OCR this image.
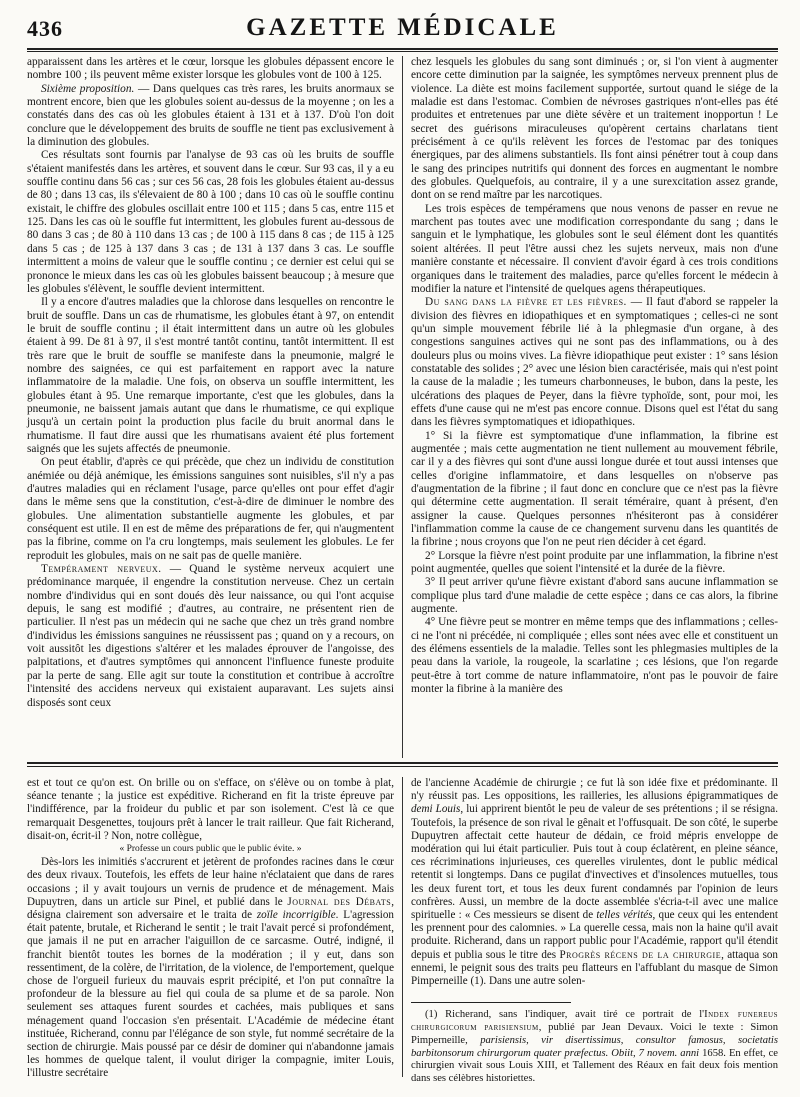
436	GAZETTE MÉDICALE

apparaissent dans les artères et le cœur, lorsque les globules dépassent encore le nombre 100 ; ils peuvent même exister lorsque les globules vont de 100 à 125.

Sixième proposition. — Dans quelques cas très rares, les bruits anormaux se montrent encore, bien que les globules soient au-dessus de la moyenne ; on les a constatés dans des cas où les globules étaient à 131 et à 137. D'où l'on doit conclure que le développement des bruits de souffle ne tient pas exclusivement à la diminution des globules.

Ces résultats sont fournis par l'analyse de 93 cas où les bruits de souffle s'étaient manifestés dans les artères, et souvent dans le cœur. Sur 93 cas, il y a eu souffle continu dans 56 cas ; sur ces 56 cas, 28 fois les globules étaient au-dessus de 80 ; dans 13 cas, ils s'élevaient de 80 à 100 ; dans 10 cas où le souffle continu existait, le chiffre des globules oscillait entre 100 et 115 ; dans 5 cas, entre 115 et 125. Dans les cas où le souffle fut intermittent, les globules furent au-dessous de 80 dans 3 cas ; de 80 à 110 dans 13 cas ; de 100 à 115 dans 8 cas ; de 115 à 125 dans 5 cas ; de 125 à 137 dans 3 cas ; de 131 à 137 dans 3 cas. Le souffle intermittent a moins de valeur que le souffle continu ; ce dernier est celui qui se prononce le mieux dans les cas où les globules baissent beaucoup ; à mesure que les globules s'élèvent, le souffle devient intermittent.

Il y a encore d'autres maladies que la chlorose dans lesquelles on rencontre le bruit de souffle. Dans un cas de rhumatisme, les globules étant à 97, on entendit le bruit de souffle continu ; il était intermittent dans un autre où les globules étaient à 99. De 81 à 97, il s'est montré tantôt continu, tantôt intermittent. Il est très rare que le bruit de souffle se manifeste dans la pneumonie, malgré le nombre des saignées, ce qui est parfaitement en rapport avec la nature inflammatoire de la maladie. Une fois, on observa un souffle intermittent, les globules étant à 95. Une remarque importante, c'est que les globules, dans la pneumonie, ne baissent jamais autant que dans le rhumatisme, ce qui explique jusqu'à un certain point la production plus facile du bruit anormal dans le rhumatisme. Il faut dire aussi que les rhumatisans avaient été plus fortement saignés que les sujets affectés de pneumonie.

On peut établir, d'après ce qui précède, que chez un individu de constitution anémiée ou déjà anémique, les émissions sanguines sont nuisibles, s'il n'y a pas d'autres maladies qui en réclament l'usage, parce qu'elles ont pour effet d'agir dans le même sens que la constitution, c'est-à-dire de diminuer le nombre des globules. Une alimentation substantielle augmente les globules, et par conséquent est utile. Il en est de même des préparations de fer, qui n'augmentent pas la fibrine, comme on l'a cru longtemps, mais seulement les globules. Le fer reproduit les globules, mais on ne sait pas de quelle manière.

Tempérament nerveux. — Quand le système nerveux acquiert une prédominance marquée, il engendre la constitution nerveuse. Chez un certain nombre d'individus qui en sont doués dès leur naissance, ou qui l'ont acquise depuis, le sang est modifié ; d'autres, au contraire, ne présentent rien de particulier. Il n'est pas un médecin qui ne sache que chez un très grand nombre d'individus les émissions sanguines ne réussissent pas ; quand on y a recours, on voit aussitôt les digestions s'altérer et les malades éprouver de l'angoisse, des palpitations, et d'autres symptômes qui annoncent l'influence funeste produite par la perte de sang. Elle agit sur toute la constitution et contribue à accroître l'intensité des accidens nerveux qui existaient auparavant. Les sujets ainsi disposés sont ceux

chez lesquels les globules du sang sont diminués ; or, si l'on vient à augmenter encore cette diminution par la saignée, les symptômes nerveux prennent plus de violence. La diète est moins facilement supportée, surtout quand le siége de la maladie est dans l'estomac. Combien de névroses gastriques n'ont-elles pas été produites et entretenues par une diète sévère et un traitement inopportun ! Le secret des guérisons miraculeuses qu'opèrent certains charlatans tient précisément à ce qu'ils relèvent les forces de l'estomac par des toniques énergiques, par des alimens substantiels. Ils font ainsi pénétrer tout à coup dans le sang des principes nutritifs qui donnent des forces en augmentant le nombre des globules. Quelquefois, au contraire, il y a une surexcitation assez grande, dont on se rend maître par les narcotiques.

Les trois espèces de tempéramens que nous venons de passer en revue ne marchent pas toutes avec une modification correspondante du sang ; dans le sanguin et le lymphatique, les globules sont le seul élément dont les quantités soient altérées. Il peut l'être aussi chez les sujets nerveux, mais non d'une manière constante et nécessaire. Il convient d'avoir égard à ces trois conditions organiques dans le traitement des maladies, parce qu'elles forcent le médecin à modifier la nature et l'intensité de quelques agens thérapeutiques.

Du sang dans la fièvre et les fièvres. — Il faut d'abord se rappeler la division des fièvres en idiopathiques et en symptomatiques ; celles-ci ne sont qu'un simple mouvement fébrile lié à la phlegmasie d'un organe, à des congestions sanguines actives qui ne sont pas des inflammations, ou à des douleurs plus ou moins vives. La fièvre idiopathique peut exister : 1° sans lésion constatable des solides ; 2° avec une lésion bien caractérisée, mais qui n'est point la cause de la maladie ; les tumeurs charbonneuses, le bubon, dans la peste, les ulcérations des plaques de Peyer, dans la fièvre typhoïde, sont, pour moi, les effets d'une cause qui ne m'est pas encore connue. Disons quel est l'état du sang dans les fièvres symptomatiques et idiopathiques.

1° Si la fièvre est symptomatique d'une inflammation, la fibrine est augmentée ; mais cette augmentation ne tient nullement au mouvement fébrile, car il y a des fièvres qui sont d'une aussi longue durée et tout aussi intenses que celles d'origine inflammatoire, et dans lesquelles on n'observe pas d'augmentation de la fibrine ; il faut donc en conclure que ce n'est pas la fièvre qui détermine cette augmentation. Il serait téméraire, quant à présent, d'en assigner la cause. Quelques personnes n'hésiteront pas à considérer l'inflammation comme la cause de ce changement survenu dans les quantités de la fibrine ; nous croyons que l'on ne peut rien décider à cet égard.

2° Lorsque la fièvre n'est point produite par une inflammation, la fibrine n'est point augmentée, quelles que soient l'intensité et la durée de la fièvre.

3° Il peut arriver qu'une fièvre existant d'abord sans aucune inflammation se complique plus tard d'une maladie de cette espèce ; dans ce cas alors, la fibrine augmente.

4° Une fièvre peut se montrer en même temps que des inflammations ; celles-ci ne l'ont ni précédée, ni compliquée ; elles sont nées avec elle et constituent un des élémens essentiels de la maladie. Telles sont les phlegmasies multiples de la peau dans la variole, la rougeole, la scarlatine ; ces lésions, que l'on regarde peut-être à tort comme de nature inflammatoire, n'ont pas le pouvoir de faire monter la fibrine à la manière des

est et tout ce qu'on est. On brille ou on s'efface, on s'élève ou on tombe à plat, séance tenante ; la justice est expéditive. Richerand en fit la triste épreuve par l'indifférence, par la froideur du public et par son isolement. C'est là ce que remarquait Desgenettes, toujours prêt à lancer le trait railleur. Que fait Richerand, disait-on, écrit-il ? Non, notre collègue,

« Professe un cours public que le public évite. »

Dès-lors les inimitiés s'accrurent et jetèrent de profondes racines dans le cœur des deux rivaux. Toutefois, les effets de leur haine n'éclataient que dans de rares occasions ; il y avait toujours un vernis de prudence et de ménagement. Mais Dupuytren, dans un article sur Pinel, et publié dans le Journal des Débats, désigna clairement son adversaire et le traita de zoïle incorrigible. L'agression était patente, brutale, et Richerand le sentit ; le trait l'avait percé si profondément, que jamais il ne put en arracher l'aiguillon de ce sarcasme. Outré, indigné, il franchit bientôt toutes les bornes de la modération ; il y eut, dans son ressentiment, de la colère, de l'irritation, de la violence, de l'emportement, quelque chose de l'orgueil furieux du mauvais esprit précipité, et l'on put connaître la profondeur de la blessure au fiel qui coula de sa plume et de sa parole. Non seulement ses attaques furent sourdes et cachées, mais publiques et sans ménagement quand l'occasion s'en présentait. L'Académie de médecine étant instituée, Richerand, connu par l'élégance de son style, fut nommé secrétaire de la section de chirurgie. Mais poussé par ce désir de dominer qui n'abandonne jamais les hommes de quelque talent, il voulut diriger la compagnie, imiter Louis, l'illustre secrétaire

de l'ancienne Académie de chirurgie ; ce fut là son idée fixe et prédominante. Il n'y réussit pas. Les oppositions, les railleries, les allusions épigrammatiques de demi Louis, lui apprirent bientôt le peu de valeur de ses prétentions ; il se résigna. Toutefois, la présence de son rival le gênait et l'offusquait. De son côté, le superbe Dupuytren affectait cette hauteur de dédain, ce froid mépris enveloppe de modération qui lui était particulier. Puis tout à coup éclatèrent, en pleine séance, ces récriminations injurieuses, ces querelles virulentes, dont le public médical retentit si longtemps. Dans ce pugilat d'invectives et d'insolences mutuelles, tous les deux furent tort, et tous les deux furent condamnés par l'opinion de leurs confrères. Aussi, un membre de la docte assemblée s'écria-t-il avec une malice spirituelle : « Ces messieurs se disent de telles vérités, que ceux qui les entendent les prennent pour des calomnies. » La querelle cessa, mais non la haine qu'il avait produite. Richerand, dans un rapport public pour l'Académie, rapport qu'il étendit depuis et publia sous le titre des Progrès récens de la chirurgie, attaqua son ennemi, le peignit sous des traits peu flatteurs en l'affublant du masque de Simon Pimperneille (1). Dans une autre solen-

(1) Richerand, sans l'indiquer, avait tiré ce portrait de l'Index funereus chirurgicorum parisiensium, publié par Jean Devaux. Voici le texte : Simon Pimperneille, parisiensis, vir disertissimus, consultor famosus, societatis barbitonsorum chirurgorum quater præfectus. Obiit, 7 novem. anni 1658. En effet, ce chirurgien vivait sous Louis XIII, et Tallement des Réaux en fait deux fois mention dans ses célèbres historiettes.
